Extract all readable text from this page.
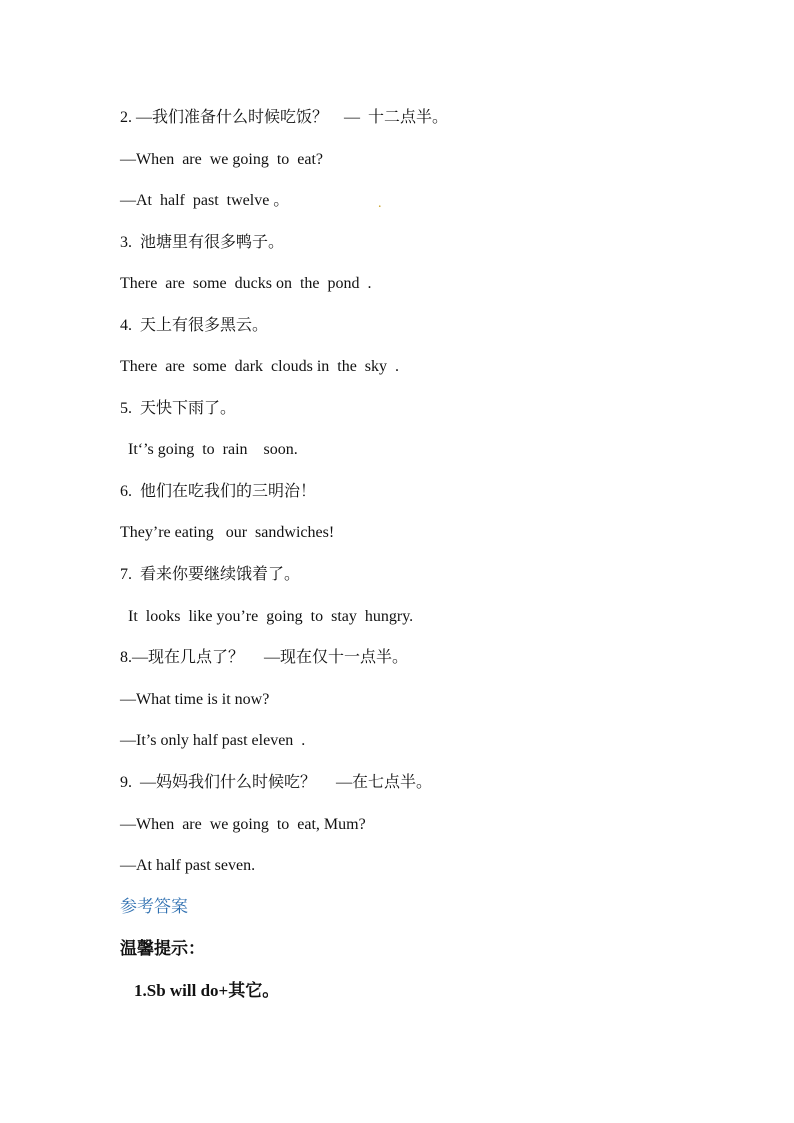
2. —我们准备什么时候吃饭？    —  十二点半。
—When  are  we going  to  eat?
—At  half  past  twelve 。	.
3.  池塘里有很多鸭子。
There  are  some  ducks on  the  pond  .
4.  天上有很多黑云。
There  are  some  dark  clouds in  the  sky  .
5.  天快下雨了。
It‘’s going  to  rain    soon.
6.  他们在吃我们的三明治！
They’re eating   our  sandwiches!
7.  看来你要继续饿着了。
It  looks  like you’re  going  to  stay  hungry.
8.—现在几点了？     —现在仅十一点半。
—What time is it now?
—It’s only half past eleven  .
9.  —妈妈我们什么时候吃？     —在七点半。
—When  are  we going  to  eat, Mum?
—At half past seven.
参考答案
温馨提示：
1.Sb will do+其它。
